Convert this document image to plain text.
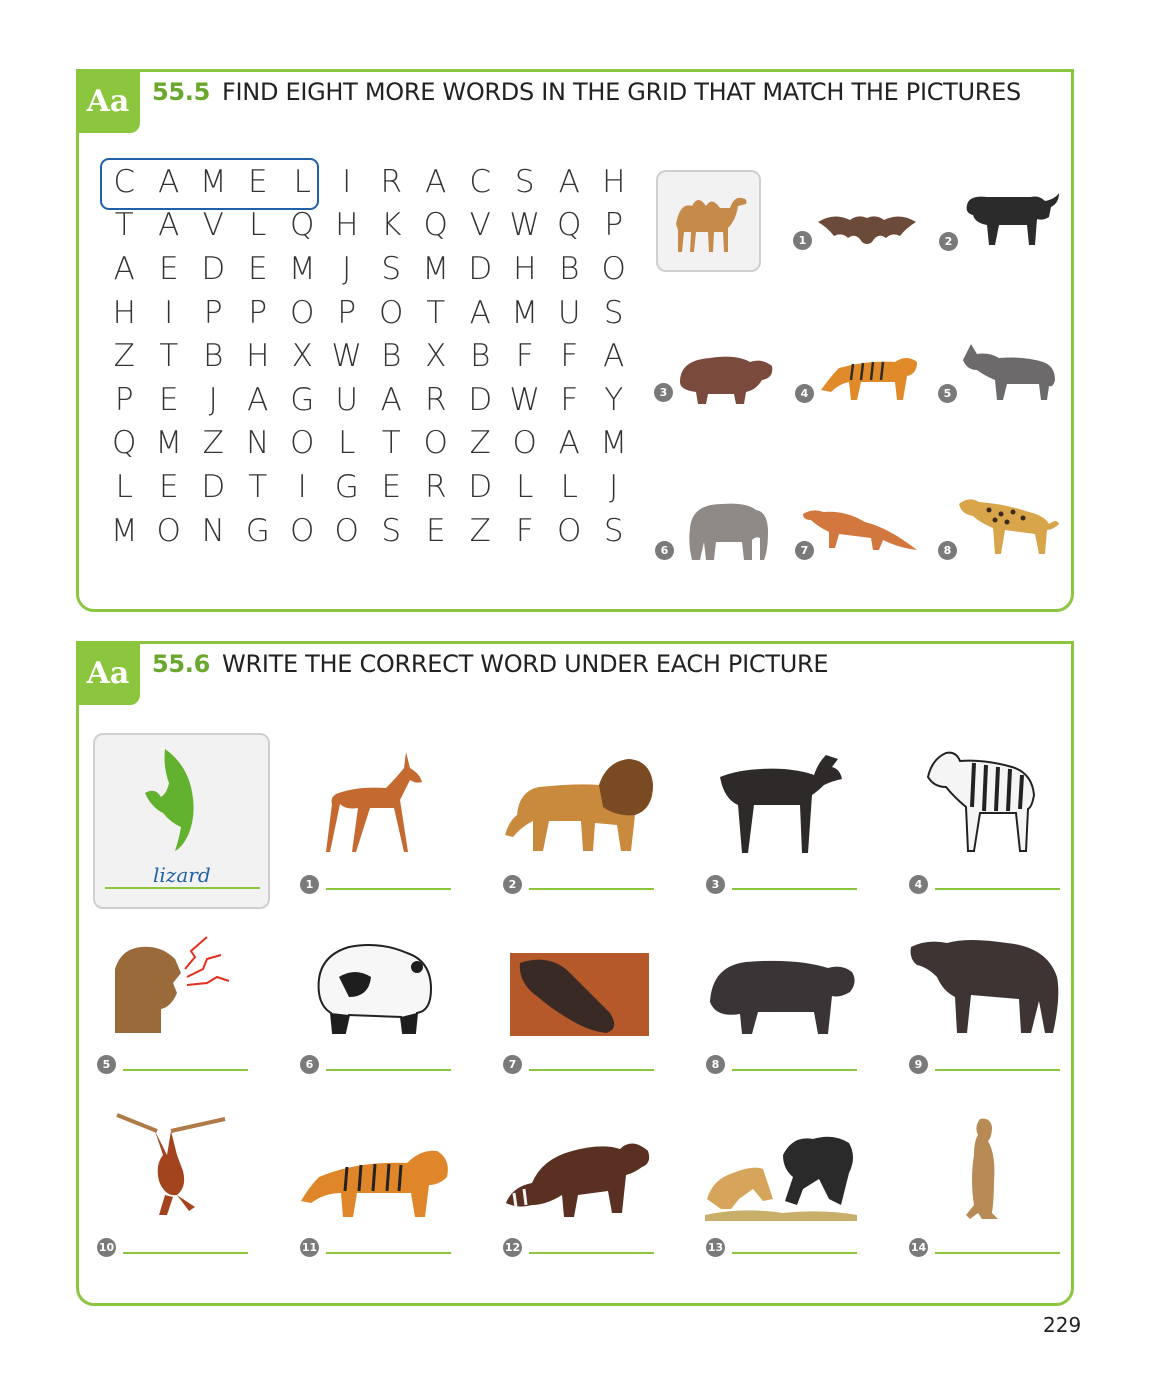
Aa 55.5 FIND EIGHT MORE WORDS IN THE GRID THAT MATCH THE PICTURES
C A M E L	I R A C S A H
T A V L Q H K Q V W Q P
A E D E M J S M D H B O
H I P P O P O T A M U S
Z T B H X W B X B F F A
P E J A G U A R D W F Y
Q M Z N O L T O Z O A M
L E D T I G E R D L L	J
M O N G O O S E Z F O S
1	2
3	4	5
6	7	8
Aa 55.6 WRITE THE CORRECT WORD UNDER EACH PICTURE
lizard	1	2	3	4
5	6	7	8	9
10	11	12	13	14
229
